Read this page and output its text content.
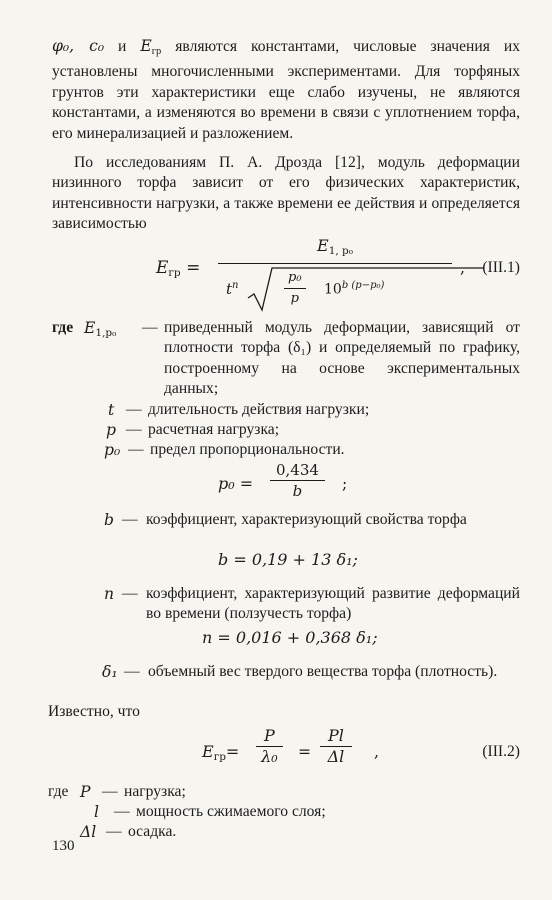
φ₀, c₀ и $E_{гр}$ являются константами, числовые значения их установлены многочисленными экспериментами. Для торфяных грунтов эти характеристики еще слабо изучены, не являются константами, а изменяются во времени в связи с уплотнением торфа, его минерализацией и разложением.

По исследованиям П. А. Дрозда [12], модуль деформации низинного торфа зависит от его физических характеристик, интенсивности нагрузки, а также времени ее действия и определяется зависимостью

$E_{гр}$ =
$E_{1, p_0}$
$t^n$	$\frac{\text{p₀}}{p} 10^{b (p-p_0)}$
, (III.1)
где $E_{1,p_0}$	— приведенный модуль деформации, зависящий от плотности торфа (δ₁) и определяемый по графику, построенному на основе экспериментальных данных;
t — длительность действия нагрузки;
p — расчетная нагрузка;
p₀ — предел пропорциональности.
$p_0 = \frac{0,434}{b}$ ;
b — коэффициент, характеризующий свойства торфа
b = 0,19 + 13 δ₁;
n — коэффициент, характеризующий развитие деформаций во времени (ползучесть торфа)
n = 0,016 + 0,368 δ₁;
δ₁ — объемный вес твердого вещества торфа (плотность).

Известно, что

$E_{гр}= \frac{P}{\text{λ₀}} = \frac{Pl}{\Delta l}$ ,	(III.2)
где P — нагрузка;
l — мощность сжимаемого слоя;
Δl — осадка.
130
